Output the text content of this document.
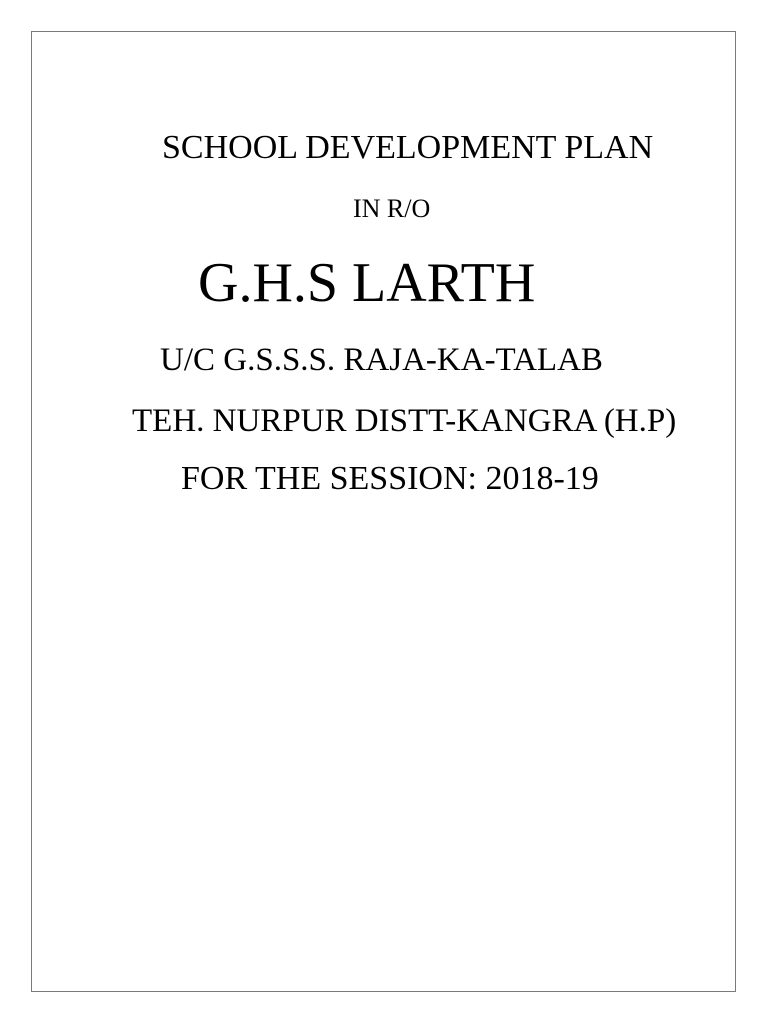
SCHOOL DEVELOPMENT PLAN
IN R/O
G.H.S LARTH
U/C G.S.S.S. RAJA-KA-TALAB
TEH. NURPUR DISTT-KANGRA (H.P)
FOR THE SESSION: 2018-19
